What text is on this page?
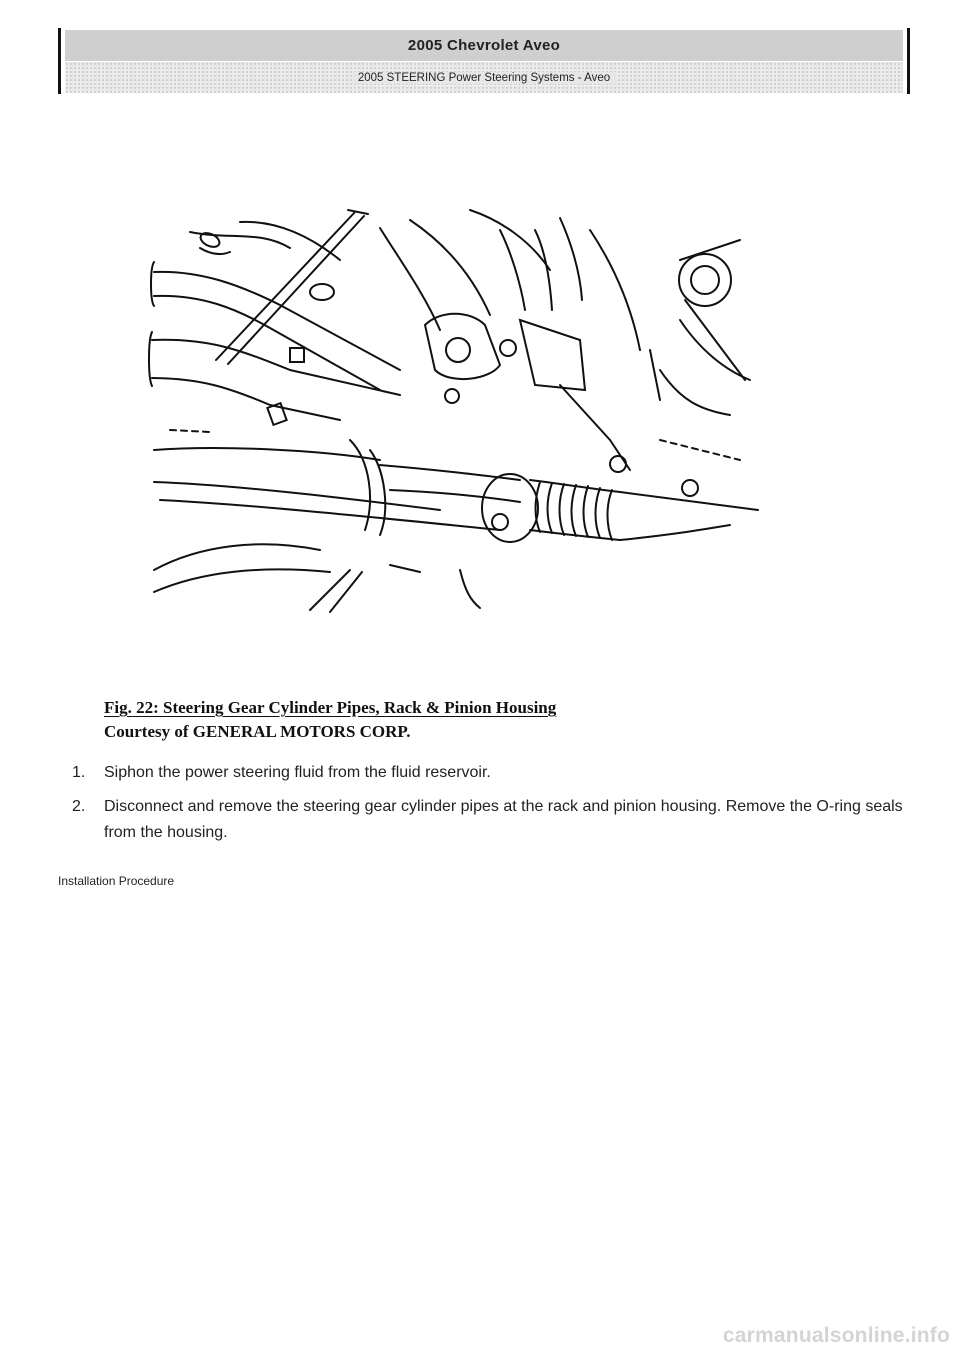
2005 Chevrolet Aveo
2005 STEERING Power Steering Systems - Aveo
Fig. 22: Steering Gear Cylinder Pipes, Rack & Pinion Housing
Courtesy of GENERAL MOTORS CORP.
1. Siphon the power steering fluid from the fluid reservoir.
2. Disconnect and remove the steering gear cylinder pipes at the rack and pinion housing. Remove the O-ring seals from the housing.
Installation Procedure
carmanualsonline.info
